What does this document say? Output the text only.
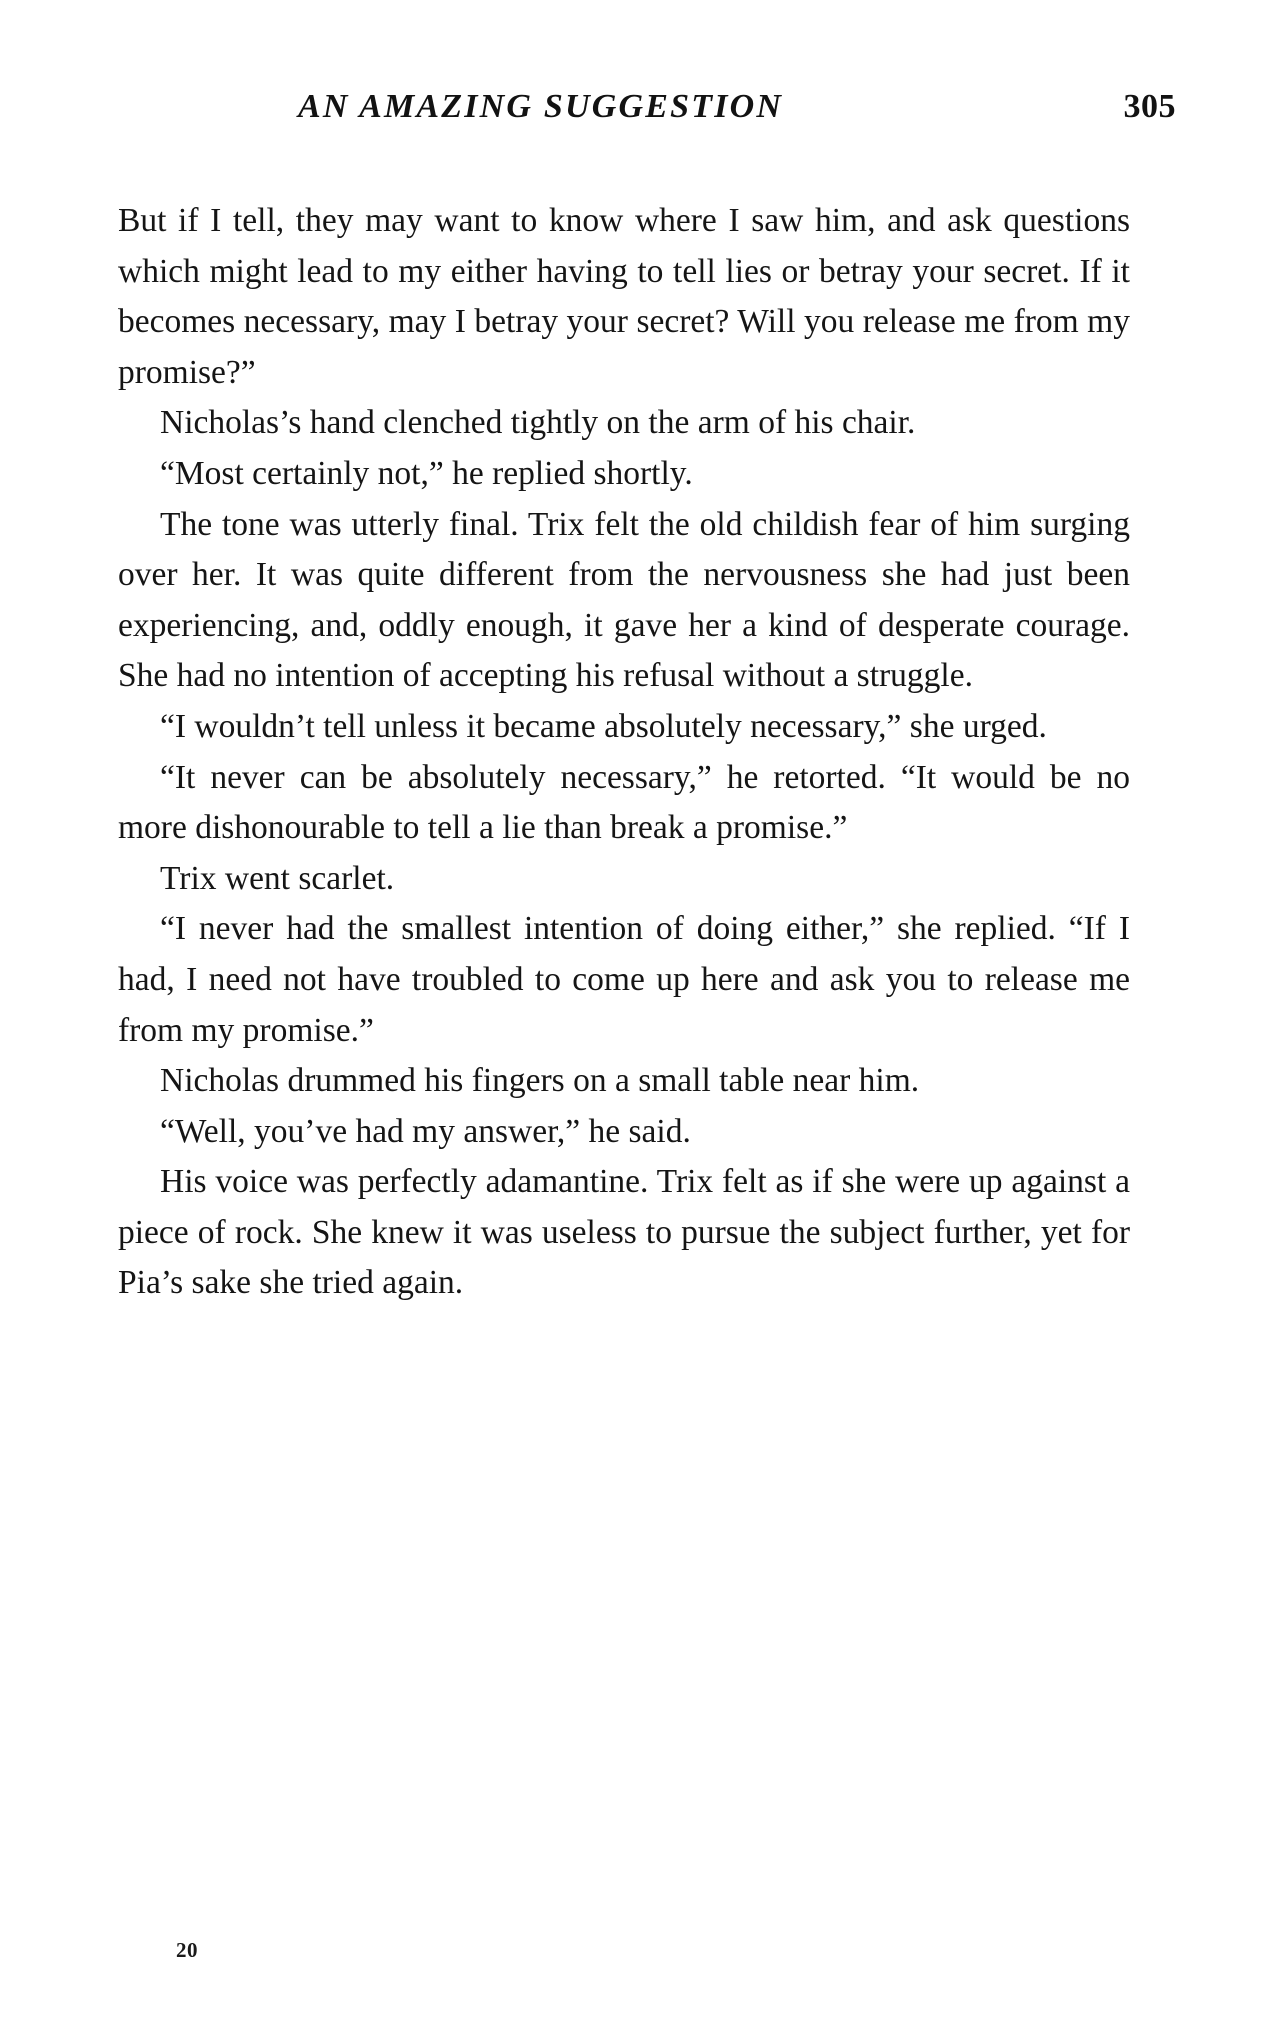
AN AMAZING SUGGESTION	305

But if I tell, they may want to know where I saw him, and ask questions which might lead to my either having to tell lies or betray your secret. If it becomes necessary, may I betray your secret? Will you release me from my promise?”

Nicholas’s hand clenched tightly on the arm of his chair.

“Most certainly not,” he replied shortly.

The tone was utterly final. Trix felt the old childish fear of him surging over her. It was quite different from the nervousness she had just been experiencing, and, oddly enough, it gave her a kind of desperate courage. She had no intention of accepting his refusal without a struggle.

“I wouldn’t tell unless it became absolutely necessary,” she urged.

“It never can be absolutely necessary,” he retorted. “It would be no more dishonourable to tell a lie than break a promise.”

Trix went scarlet.

“I never had the smallest intention of doing either,” she replied. “If I had, I need not have troubled to come up here and ask you to release me from my promise.”

Nicholas drummed his fingers on a small table near him.

“Well, you’ve had my answer,” he said.

His voice was perfectly adamantine. Trix felt as if she were up against a piece of rock. She knew it was useless to pursue the subject further, yet for Pia’s sake she tried again.

20
